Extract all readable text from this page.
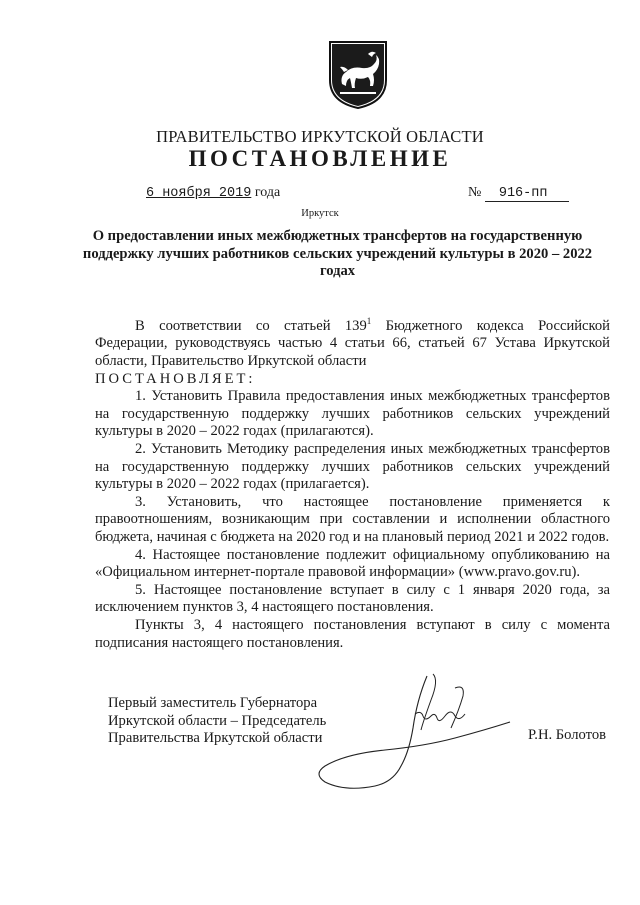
ПРАВИТЕЛЬСТВО ИРКУТСКОЙ ОБЛАСТИ
ПОСТАНОВЛЕНИЕ
6 ноября 2019 года	№ 916-пп
Иркутск
О предоставлении иных межбюджетных трансфертов на государственную поддержку лучших работников сельских учреждений культуры в 2020 – 2022 годах

В соответствии со статьей $139^1$ Бюджетного кодекса Российской Федерации, руководствуясь частью 4 статьи 66, статьей 67 Устава Иркутской области, Правительство Иркутской области

ПОСТАНОВЛЯЕТ:

1. Установить Правила предоставления иных межбюджетных трансфертов на государственную поддержку лучших работников сельских учреждений культуры в 2020 – 2022 годах (прилагаются).

2. Установить Методику распределения иных межбюджетных трансфертов на государственную поддержку лучших работников сельских учреждений культуры в 2020 – 2022 годах (прилагается).

3. Установить, что настоящее постановление применяется к правоотношениям, возникающим при составлении и исполнении областного бюджета, начиная с бюджета на 2020 год и на плановый период 2021 и 2022 годов.

4. Настоящее постановление подлежит официальному опубликованию на «Официальном интернет-портале правовой информации» (www.pravo.gov.ru).

5. Настоящее постановление вступает в силу с 1 января 2020 года, за исключением пунктов 3, 4 настоящего постановления.

Пункты 3, 4 настоящего постановления вступают в силу с момента подписания настоящего постановления.

Первый заместитель Губернатора
Иркутской области – Председатель
Правительства Иркутской области	Р.Н. Болотов
